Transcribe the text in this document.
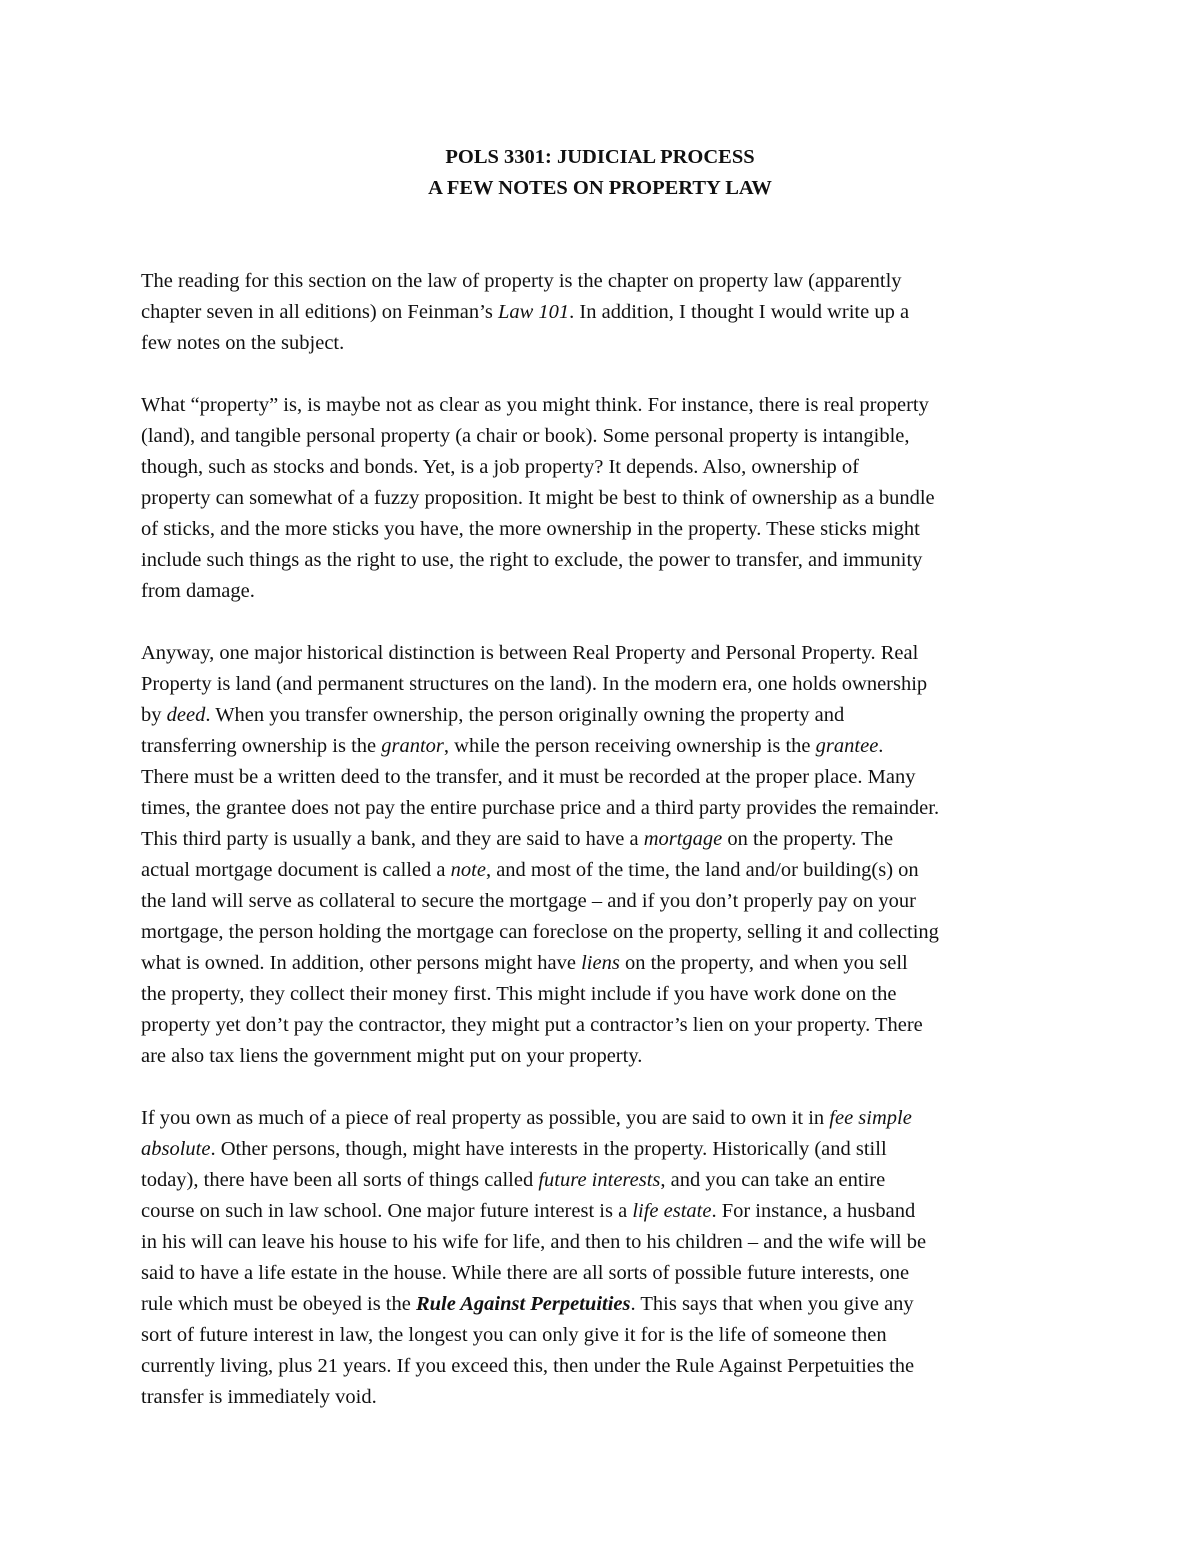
POLS 3301: JUDICIAL PROCESS
A FEW NOTES ON PROPERTY LAW
The reading for this section on the law of property is the chapter on property law (apparently
chapter seven in all editions) on Feinman’s Law 101. In addition, I thought I would write up a
few notes on the subject.
What “property” is, is maybe not as clear as you might think. For instance, there is real property
(land), and tangible personal property (a chair or book). Some personal property is intangible,
though, such as stocks and bonds. Yet, is a job property? It depends. Also, ownership of
property can somewhat of a fuzzy proposition. It might be best to think of ownership as a bundle
of sticks, and the more sticks you have, the more ownership in the property. These sticks might
include such things as the right to use, the right to exclude, the power to transfer, and immunity
from damage.
Anyway, one major historical distinction is between Real Property and Personal Property. Real
Property is land (and permanent structures on the land). In the modern era, one holds ownership
by deed. When you transfer ownership, the person originally owning the property and
transferring ownership is the grantor, while the person receiving ownership is the grantee.
There must be a written deed to the transfer, and it must be recorded at the proper place. Many
times, the grantee does not pay the entire purchase price and a third party provides the remainder.
This third party is usually a bank, and they are said to have a mortgage on the property. The
actual mortgage document is called a note, and most of the time, the land and/or building(s) on
the land will serve as collateral to secure the mortgage – and if you don’t properly pay on your
mortgage, the person holding the mortgage can foreclose on the property, selling it and collecting
what is owned. In addition, other persons might have liens on the property, and when you sell
the property, they collect their money first. This might include if you have work done on the
property yet don’t pay the contractor, they might put a contractor’s lien on your property. There
are also tax liens the government might put on your property.
If you own as much of a piece of real property as possible, you are said to own it in fee simple
absolute. Other persons, though, might have interests in the property. Historically (and still
today), there have been all sorts of things called future interests, and you can take an entire
course on such in law school. One major future interest is a life estate. For instance, a husband
in his will can leave his house to his wife for life, and then to his children – and the wife will be
said to have a life estate in the house. While there are all sorts of possible future interests, one
rule which must be obeyed is the Rule Against Perpetuities. This says that when you give any
sort of future interest in law, the longest you can only give it for is the life of someone then
currently living, plus 21 years. If you exceed this, then under the Rule Against Perpetuities the
transfer is immediately void.
